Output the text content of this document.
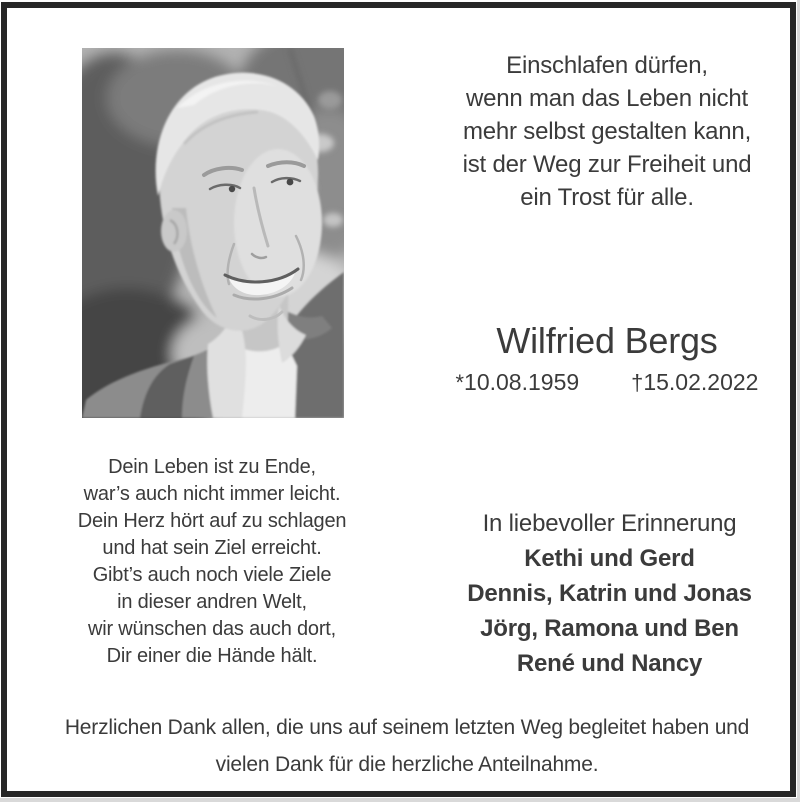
Einschlafen dürfen,
wenn man das Leben nicht
mehr selbst gestalten kann,
ist der Weg zur Freiheit und
ein Trost für alle.
Wilfried Bergs
*10.08.1959 †15.02.2022
Dein Leben ist zu Ende,
war’s auch nicht immer leicht.
Dein Herz hört auf zu schlagen
und hat sein Ziel erreicht.
Gibt’s auch noch viele Ziele
in dieser andren Welt,
wir wünschen das auch dort,
Dir einer die Hände hält.
In liebevoller Erinnerung
Kethi und Gerd
Dennis, Katrin und Jonas
Jörg, Ramona und Ben
René und Nancy
Herzlichen Dank allen, die uns auf seinem letzten Weg begleitet haben und
vielen Dank für die herzliche Anteilnahme.
